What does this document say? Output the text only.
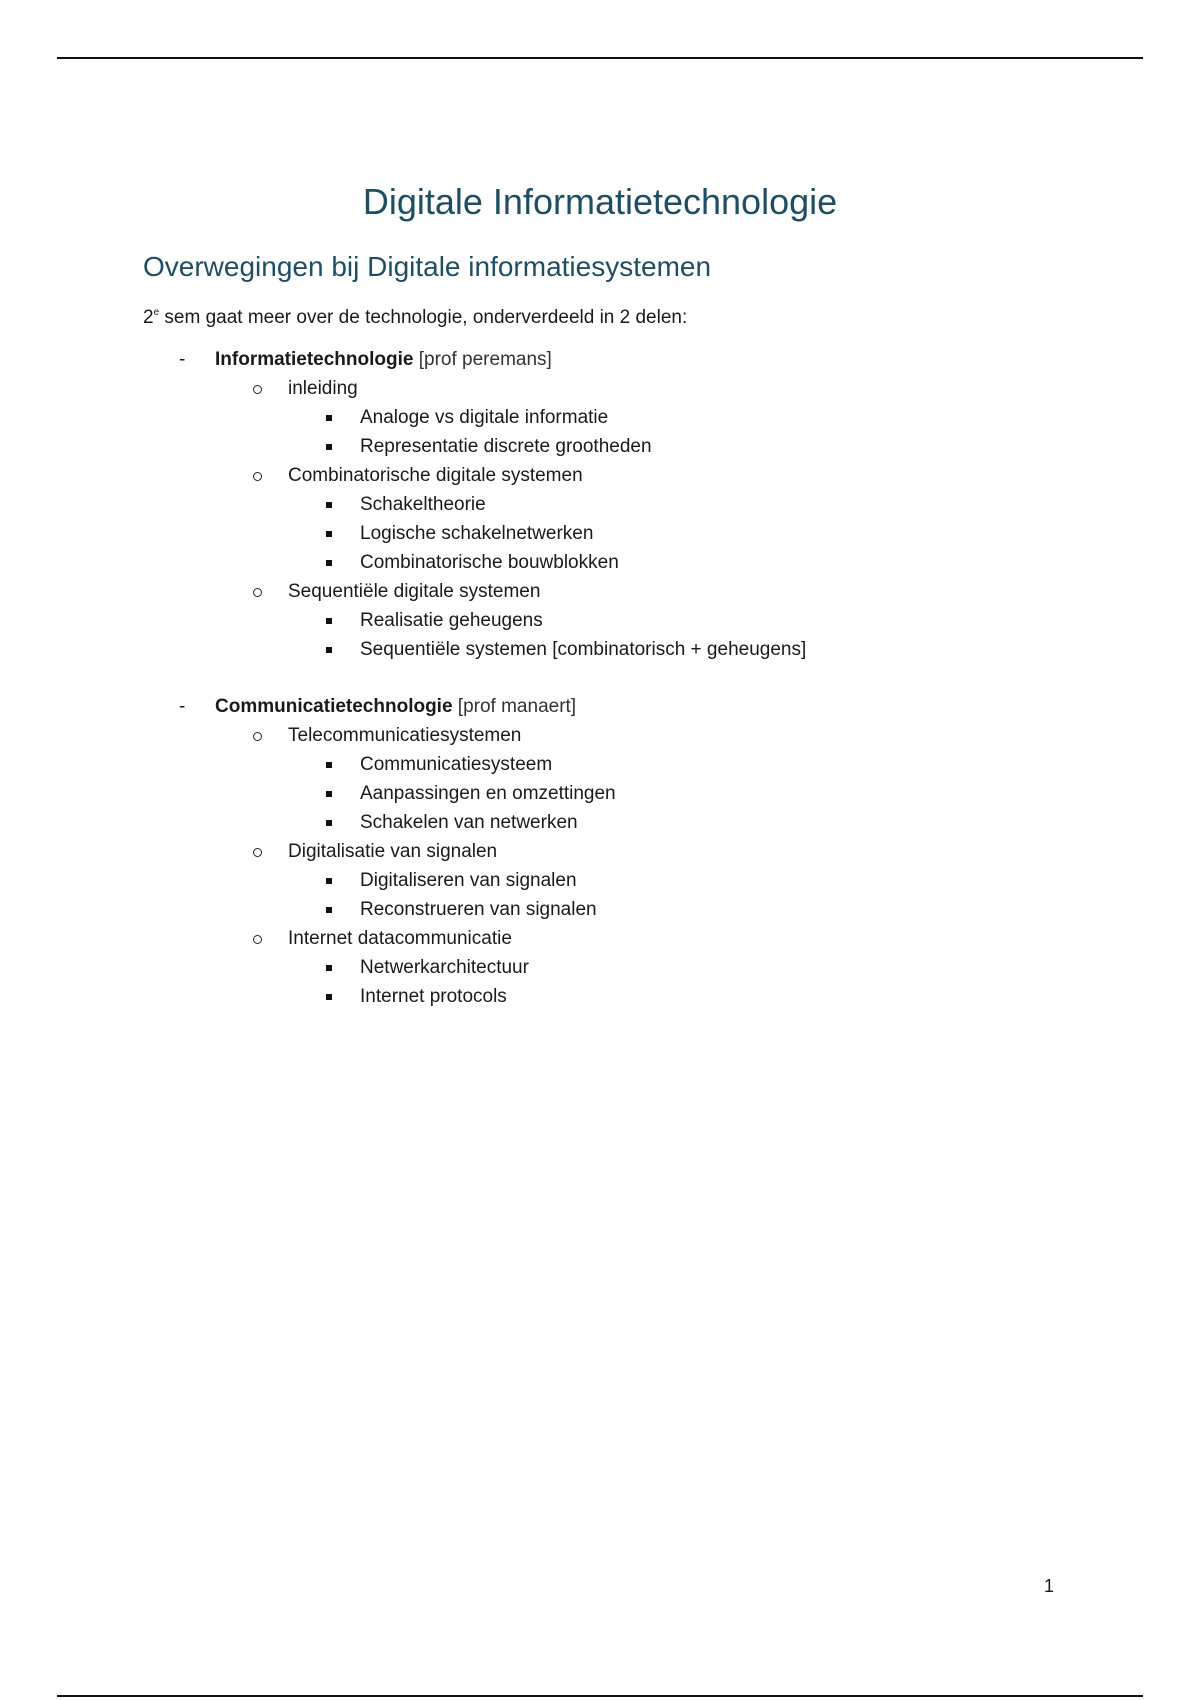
Digitale Informatietechnologie
Overwegingen bij Digitale informatiesystemen

2e sem gaat meer over de technologie, onderverdeeld in 2 delen:

- Informatietechnologie [prof peremans]
inleiding
Analoge vs digitale informatie
Representatie discrete grootheden
Combinatorische digitale systemen
Schakeltheorie
Logische schakelnetwerken
Combinatorische bouwblokken
Sequentiële digitale systemen
Realisatie geheugens
Sequentiële systemen [combinatorisch + geheugens]
- Communicatietechnologie [prof manaert]
Telecommunicatiesystemen
Communicatiesysteem
Aanpassingen en omzettingen
Schakelen van netwerken
Digitalisatie van signalen
Digitaliseren van signalen
Reconstrueren van signalen
Internet datacommunicatie
Netwerkarchitectuur
Internet protocols

1
